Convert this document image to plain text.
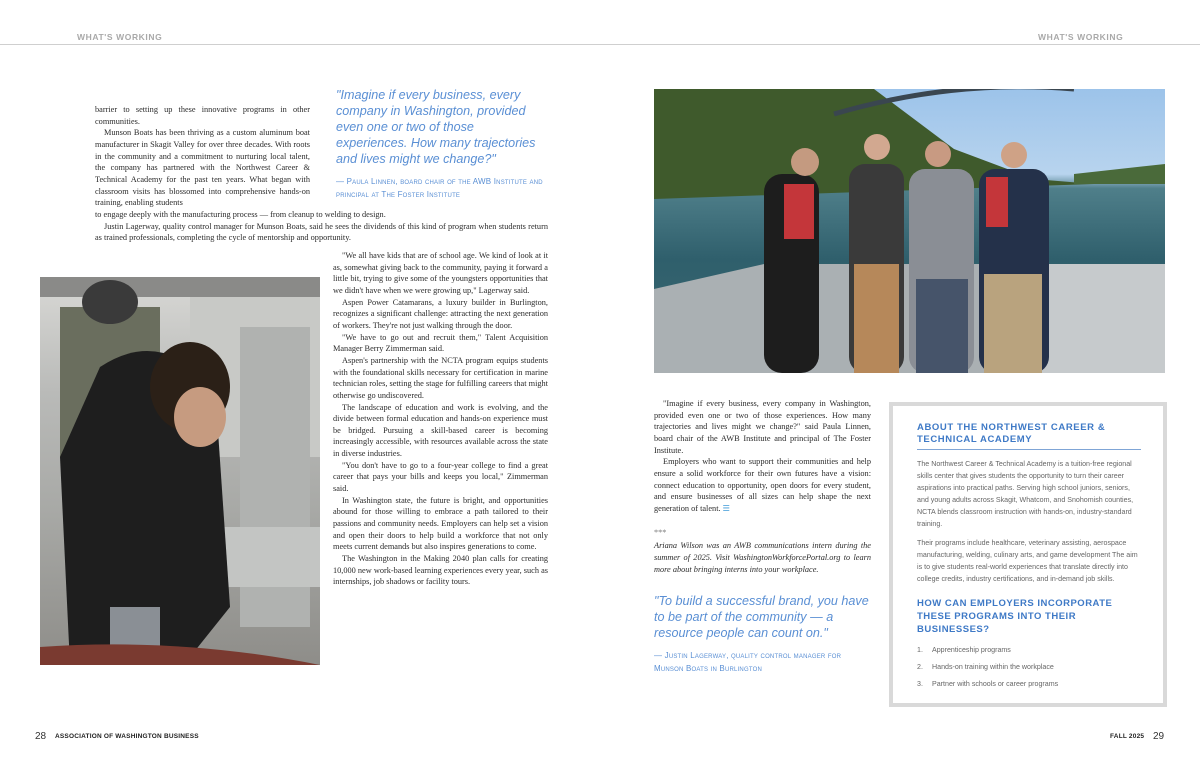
WHAT'S WORKING	WHAT'S WORKING

barrier to setting up these innovative programs in other communities.

Munson Boats has been thriving as a custom aluminum boat manufacturer in Skagit Valley for over three decades. With roots in the community and a commitment to nurturing local talent, the company has partnered with the Northwest Career & Technical Academy for the past ten years. What began with classroom visits has blossomed into comprehensive hands-on training, enabling students

"Imagine if every business, every company in Washington, provided even one or two of those experiences. How many trajectories and lives might we change?"
— Paula Linnen, board chair of the AWB Institute and principal at The Foster Institute

to engage deeply with the manufacturing process — from cleanup to welding to design.

Justin Lagerway, quality control manager for Munson Boats, said he sees the dividends of this kind of program when students return as trained professionals, completing the cycle of mentorship and opportunity.

"We all have kids that are of school age. We kind of look at it as, somewhat giving back to the community, paying it forward a little bit, trying to give some of the youngsters opportunities that we didn't have when we were growing up," Lagerway said.

Aspen Power Catamarans, a luxury builder in Burlington, recognizes a significant challenge: attracting the next generation of workers. They're not just walking through the door.

"We have to go out and recruit them," Talent Acquisition Manager Berry Zimmerman said.

Aspen's partnership with the NCTA program equips students with the foundational skills necessary for certification in marine technician roles, setting the stage for fulfilling careers that might otherwise go undiscovered.

The landscape of education and work is evolving, and the divide between formal education and hands-on experience must be bridged. Pursuing a skill-based career is becoming increasingly accessible, with resources available across the state in diverse industries.

"You don't have to go to a four-year college to find a great career that pays your bills and keeps you local," Zimmerman said.

In Washington state, the future is bright, and opportunities abound for those willing to embrace a path tailored to their passions and community needs. Employers can help set a vision and open their doors to help build a workforce that not only meets current demands but also inspires generations to come.

The Washington in the Making 2040 plan calls for creating 10,000 new work-based learning experiences every year, such as internships, job shadows or facility tours.

28 ASSOCIATION OF WASHINGTON BUSINESS

"Imagine if every business, every company in Washington, provided even one or two of those experiences. How many trajectories and lives might we change?" said Paula Linnen, board chair of the AWB Institute and principal of The Foster Institute.

Employers who want to support their communities and help ensure a solid workforce for their own futures have a vision: connect education to opportunity, open doors for every student, and ensure businesses of all sizes can help shape the next generation of talent. ☰

***

Ariana Wilson was an AWB communications intern during the summer of 2025. Visit WashingtonWorkforcePortal.org to learn more about bringing interns into your workplace.

"To build a successful brand, you have to be part of the community — a resource people can count on."
— Justin Lagerway, quality control manager for Munson Boats in Burlington
ABOUT THE NORTHWEST CAREER & TECHNICAL ACADEMY

The Northwest Career & Technical Academy is a tuition-free regional skills center that gives students the opportunity to turn their career aspirations into practical paths. Serving high school juniors, seniors, and young adults across Skagit, Whatcom, and Snohomish counties, NCTA blends classroom instruction with hands-on, industry-standard training.

Their programs include healthcare, veterinary assisting, aerospace manufacturing, welding, culinary arts, and game development The aim is to give students real-world experiences that translate directly into college credits, industry certifications, and in-demand job skills.

HOW CAN EMPLOYERS INCORPORATE THESE PROGRAMS INTO THEIR BUSINESSES?
1. Apprenticeship programs
2. Hands-on training within the workplace
3. Partner with schools or career programs
FALL 2025 29
